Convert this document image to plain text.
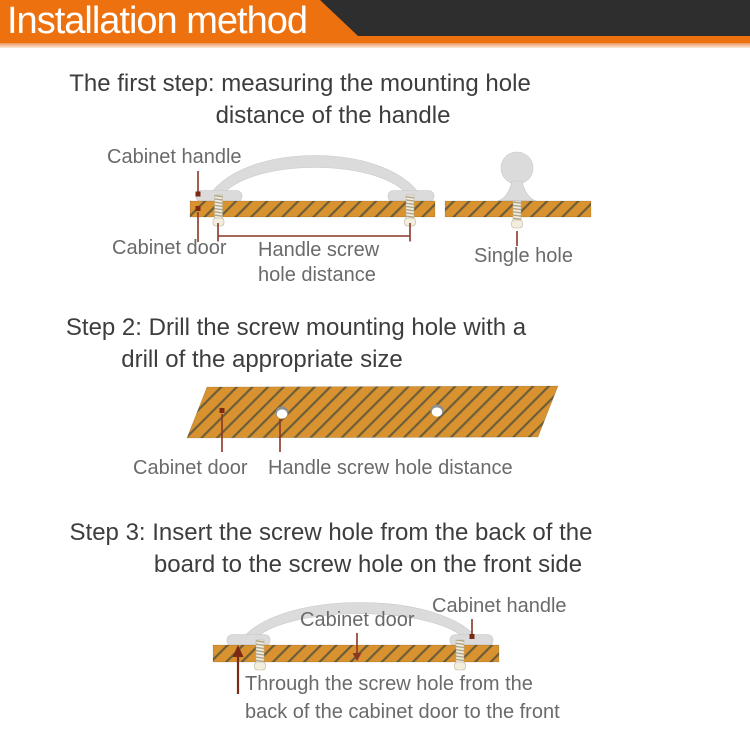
Installation method
The first step: measuring the mounting hole
distance of the handle
Cabinet handle
Cabinet door Handle screw
hole distance
Single hole
Step 2: Drill the screw mounting hole with a
drill of the appropriate size
Cabinet door Handle screw hole distance
Step 3: Insert the screw hole from the back of the
board to the screw hole on the front side
Cabinet door
Cabinet handle
Through the screw hole from the
back of the cabinet door to the front
